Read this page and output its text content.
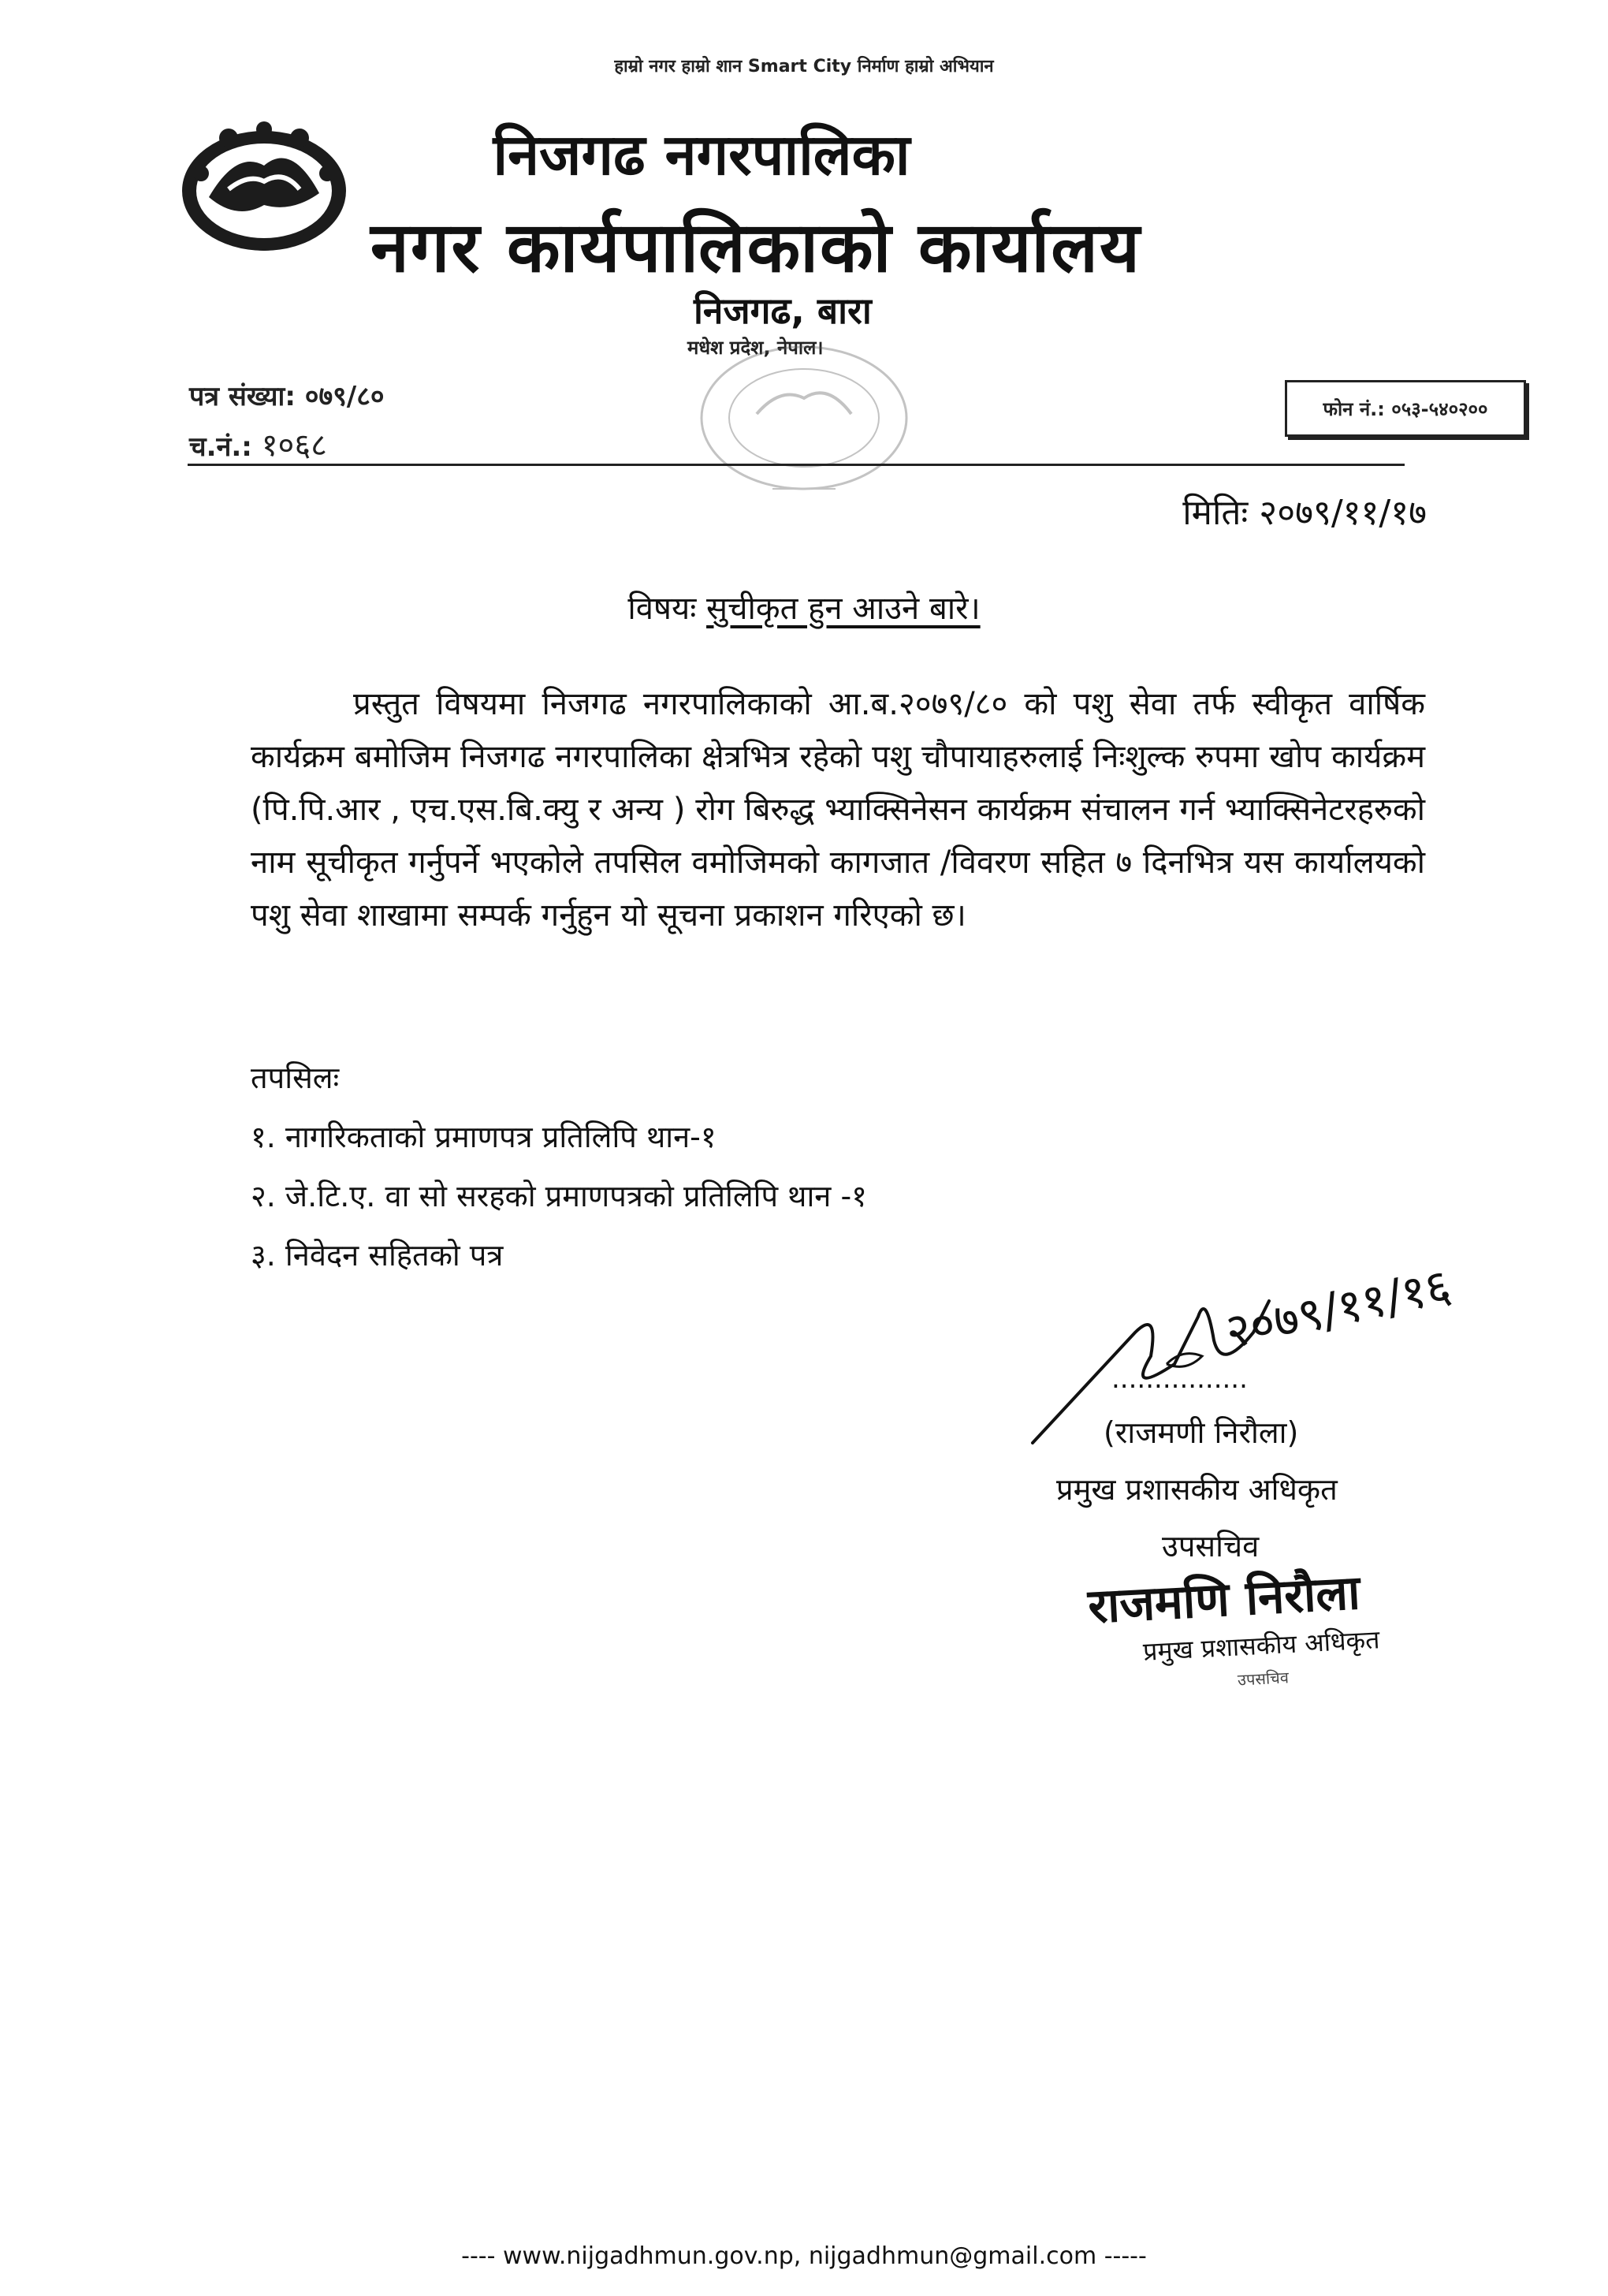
हाम्रो नगर हाम्रो शान Smart City निर्माण हाम्रो अभियान
निजगढ नगरपालिका
नगर कार्यपालिकाको कार्यालय
निजगढ, बारा
मधेश प्रदेश, नेपाल।
पत्र संख्या: ०७९/८०
च.नं.: १०६८
फोन नं.: ०५३-५४०२००
मितिः २०७९/११/१७
विषयः सुचीकृत हुन आउने बारे।
प्रस्तुत विषयमा निजगढ नगरपालिकाको आ.ब.२०७९/८० को पशु सेवा तर्फ स्वीकृत वार्षिक कार्यक्रम बमोजिम निजगढ नगरपालिका क्षेत्रभित्र रहेको पशु चौपायाहरुलाई निःशुल्क रुपमा खोप कार्यक्रम (पि.पि.आर , एच.एस.बि.क्यु र अन्य ) रोग बिरुद्ध भ्याक्सिनेसन कार्यक्रम संचालन गर्न भ्याक्सिनेटरहरुको नाम सूचीकृत गर्नुपर्ने भएकोले तपसिल वमोजिमको कागजात /विवरण सहित ७ दिनभित्र यस कार्यालयको पशु सेवा शाखामा सम्पर्क गर्नुहुन यो सूचना प्रकाशन गरिएको छ।
तपसिलः
१. नागरिकताको प्रमाणपत्र प्रतिलिपि थान-१
२. जे.टि.ए. वा सो सरहको प्रमाणपत्रको प्रतिलिपि थान -१
३. निवेदन सहितको पत्र
२०७९/११/१६
................
(राजमणी निरौला)
प्रमुख प्रशासकीय अधिकृत
उपसचिव
राजमणि निरौला
प्रमुख प्रशासकीय अधिकृत
उपसचिव
---- www.nijgadhmun.gov.np, nijgadhmun@gmail.com -----
